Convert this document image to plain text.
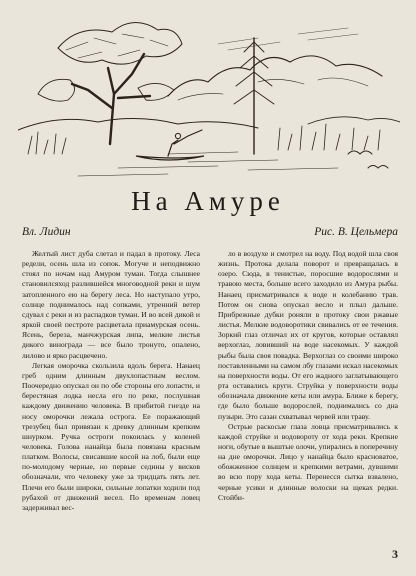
На Амуре
Вл. Лидин	Рис. В. Цельмера

Желтый лист дуба слетал и падал в протоку. Леса редели, осень шла из сопок. Могуче и неподвижно стоял по ночам над Амуром туман. Тогда слышнее становилсяход разлившейся многоводной реки и шум затопленного ею на берегу леса. Но наступало утро, солнце поднималось над сопками, утренний ветер сдувал с реки и из распадков туман. И во всей дикой и яркой своей пестроте расцветала приамурская осень. Ясень, береза, манчжурская липа, мелкие листья дикого винограда — все было тронуто, опалено, лилово и ярко расцвечено.

Легкая оморочка скользила вдоль берега. Нанаец греб одним длинным двухлопастным веслом. Поочередно опускал он по обе стороны его лопасти, и берестяная лодка несла его по реке, послушная каждому движению человека. В прибитой гнезде на носу оморочки лежала острога. Ее поражающий трезубец был привязан к древку длинным крепким шнурком. Ручка остроги покоилась у коленей человека. Голова нанайца была повязана красным платком. Волосы, свисавшие косой на лоб, были еще по-молодому черные, но первые седины у висков обозначали, что человеку уже за тридцать пять лет. Плечи его были широки, сильные лопатки ходили под рубахой от движений весел. По временам ловец задерживал вес-

ло в воздухе и смотрел на воду. Под водой шла своя жизнь. Протока делала поворот и превращалась в озеро. Сюда, в тенистые, поросшие водорослями и травою места, больше всего заходило из Амура рыбы. Нанаец присматривался к воде и колебанию трав. Потом он снова опускал весло и плыл дальше. Прибрежные дубки роняли в протоку свои ржавые листья. Мелкие водоворотики свивались от ее течения. Зоркий глаз отличал их от кругов, которые оставлял верхоглаз, ловивший на воде насекомых. У каждой рыбы была своя повадка. Верхоглаз со своими широко поставленными на самом лбу глазами искал насекомых на поверхности воды. От его жадного заглатывающего рта оставались круги. Струйка у поверхности воды обозначала движение кеты или амура. Ближе к берегу, где было больше водорослей, поднимались со дна пузыри. Это сазан схватывал червей или траву.

Острые раскосые глаза ловца присматривались к каждой струйке и водовороту от хода реки. Крепкие ноги, обутые в выштые олочи, упирались в поперечину на дне оморочки. Лицо у нанайца было красноватое, обожженное солнцем и крепкими ветрами, дувшими во всю пору хода кеты. Перенесся сытка взвалено, черные усики и длинные волоски на щеках редки. Стойби-

3
